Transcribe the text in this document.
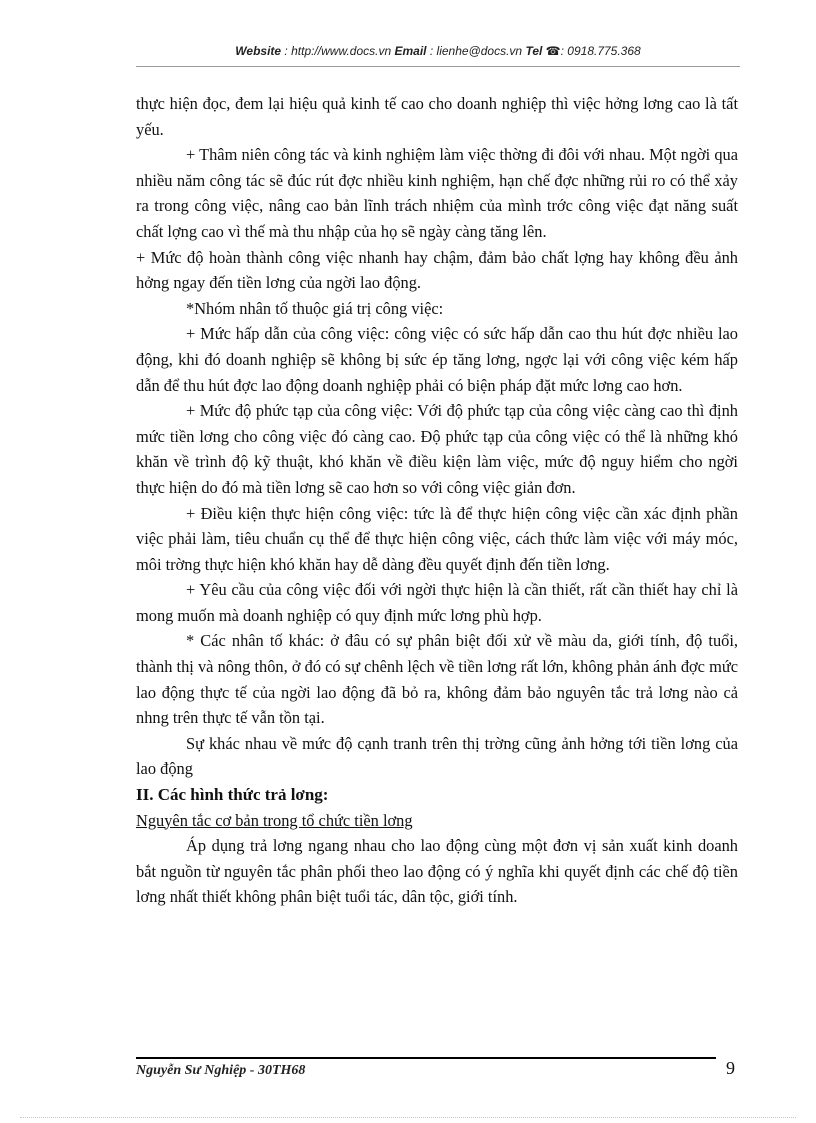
Website : http://www.docs.vn Email : lienhe@docs.vn Tel ☎: 0918.775.368

thực hiện đọc, đem lại hiệu quả kinh tế cao cho doanh nghiệp thì việc hởng lơng cao là tất yếu.

+ Thâm niên công tác và kinh nghiệm làm việc thờng đi đôi với nhau. Một ngời qua nhiều năm công tác sẽ đúc rút đợc nhiều kinh nghiệm, hạn chế đợc những rủi ro có thể xảy ra trong công việc, nâng cao bản lĩnh trách nhiệm của mình trớc công việc đạt năng suất chất lợng cao vì thế mà thu nhập của họ sẽ ngày càng tăng lên.

+ Mức độ hoàn thành công việc nhanh hay chậm, đảm bảo chất lợng hay không đều ảnh hởng ngay đến tiền lơng của ngời lao động.

*Nhóm nhân tố thuộc giá trị công việc:

+ Mức hấp dẫn của công việc: công việc có sức hấp dẫn cao thu hút đợc nhiều lao động, khi đó doanh nghiệp sẽ không bị sức ép tăng lơng, ngợc lại với công việc kém hấp dẫn để thu hút đợc lao động doanh nghiệp phải có biện pháp đặt mức lơng cao hơn.

+ Mức độ phức tạp của công việc: Với độ phức tạp của công việc càng cao thì định mức tiền lơng cho công việc đó càng cao. Độ phức tạp của công việc có thể là những khó khăn về trình độ kỹ thuật, khó khăn về điều kiện làm việc, mức độ nguy hiểm cho ngời thực hiện do đó mà tiền lơng sẽ cao hơn so với công việc giản đơn.

+ Điều kiện thực hiện công việc: tức là để thực hiện công việc cần xác định phần việc phải làm, tiêu chuẩn cụ thể để thực hiện công việc, cách thức làm việc với máy móc, môi trờng thực hiện khó khăn hay dễ dàng đều quyết định đến tiền lơng.

+ Yêu cầu của công việc đối với ngời thực hiện là cần thiết, rất cần thiết hay chỉ là mong muốn mà doanh nghiệp có quy định mức lơng phù hợp.

* Các nhân tố khác: ở đâu có sự phân biệt đối xử về màu da, giới tính, độ tuổi, thành thị và nông thôn, ở đó có sự chênh lệch về tiền lơng rất lớn, không phản ánh đợc mức lao động thực tế của ngời lao động đã bỏ ra, không đảm bảo nguyên tắc trả lơng nào cả nhng trên thực tế vẫn tồn tại.

Sự khác nhau về mức độ cạnh tranh trên thị trờng cũng ảnh hởng tới tiền lơng của lao động

II. Các hình thức trả lơng:

Nguyên tắc cơ bản trong tổ chức tiền lơng

Áp dụng trả lơng ngang nhau cho lao động cùng một đơn vị sản xuất kinh doanh bắt nguồn từ nguyên tắc phân phối theo lao động có ý nghĩa khi quyết định các chế độ tiền lơng nhất thiết không phân biệt tuổi tác, dân tộc, giới tính.

Nguyễn Sư Nghiệp - 30TH68	9
